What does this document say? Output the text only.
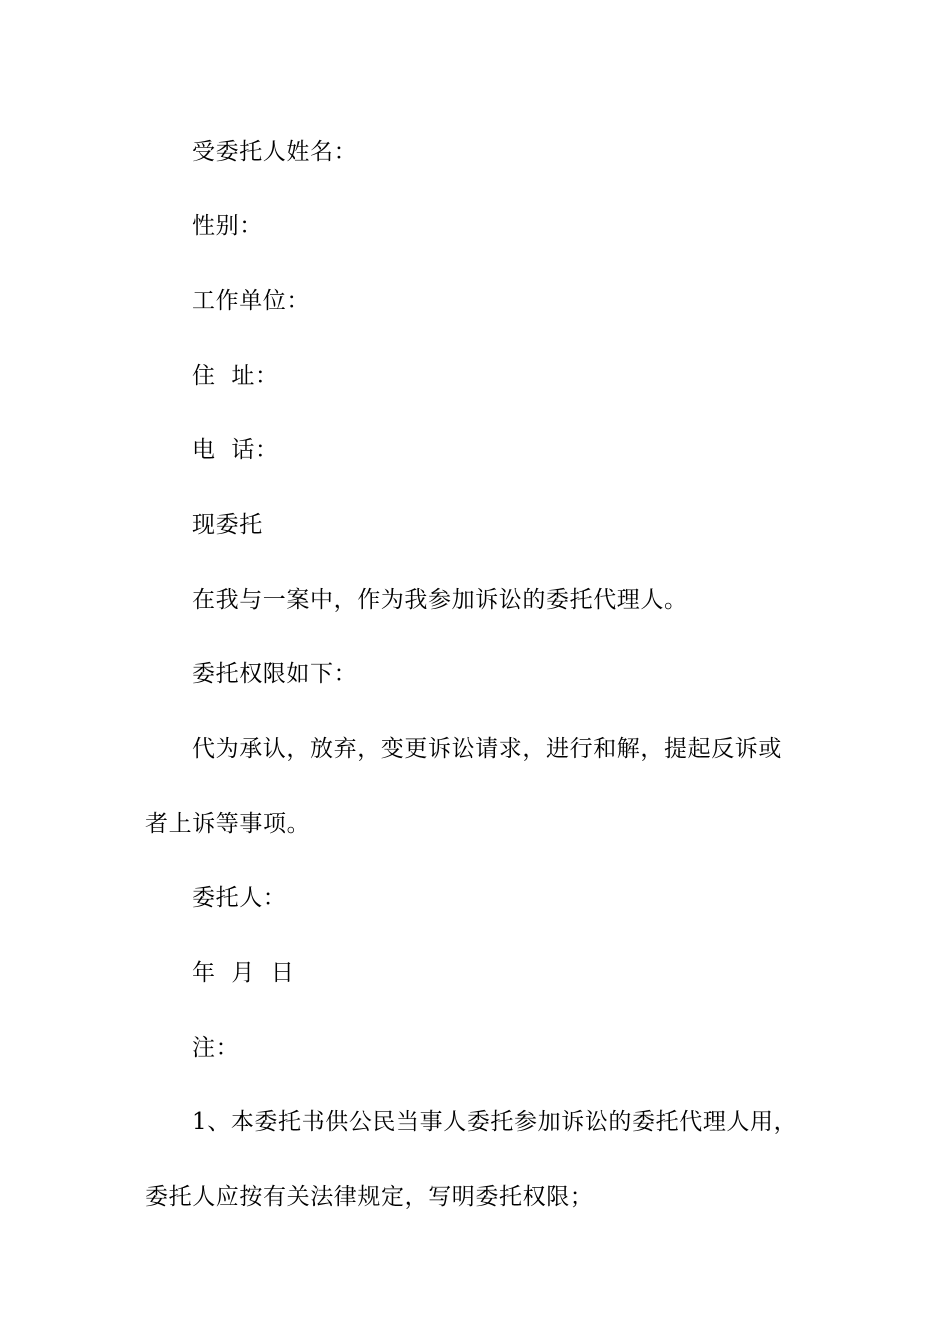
受委托人姓名：
性别：
工作单位：
住  址：
电  话：
现委托
在我与一案中，作为我参加诉讼的委托代理人。
委托权限如下：
代为承认，放弃，变更诉讼请求，进行和解，提起反诉或
者上诉等事项。
委托人：
年  月  日
注：
1、本委托书供公民当事人委托参加诉讼的委托代理人用，
委托人应按有关法律规定，写明委托权限；
